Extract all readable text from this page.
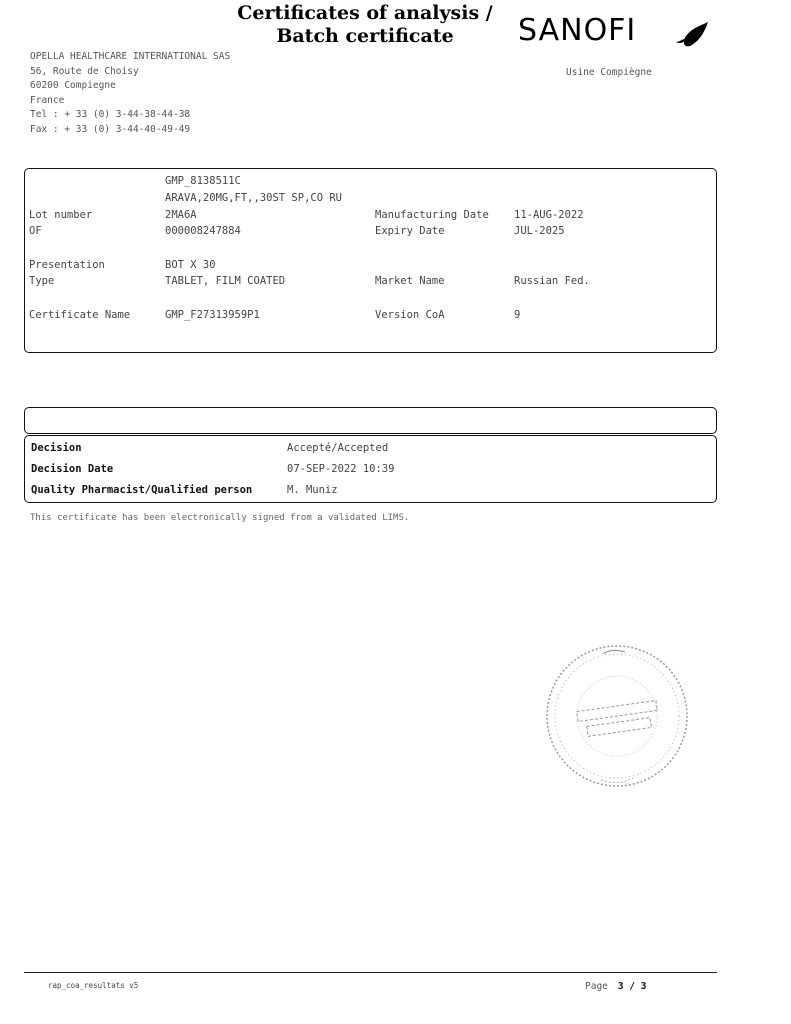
Certificates of analysis /
Batch certificate	SANOFI
OPELLA HEALTHCARE INTERNATIONAL SAS
56, Route de Choisy
60200 Compiegne
France
Tel : + 33 (0) 3-44-38-44-38
Fax : + 33 (0) 3-44-40-49-49
Usine Compiègne
GMP_8138511C
ARAVA,20MG,FT,,30ST SP,CO RU
Lot number	2MA6A	Manufacturing Date 11-AUG-2022
OF	000008247884	Expiry Date	JUL-2025
Presentation	BOT X 30
Type	TABLET, FILM COATED	Market Name	Russian Fed.
Certificate Name	GMP_F27313959P1	Version CoA	9
Decision	Accepté/Accepted
Decision Date	07-SEP-2022 10:39
Quality Pharmacist/Qualified person	M. Muniz
This certificate has been electronically signed from a validated LIMS.
rap_coa_resultats v5	Page 3 / 3
